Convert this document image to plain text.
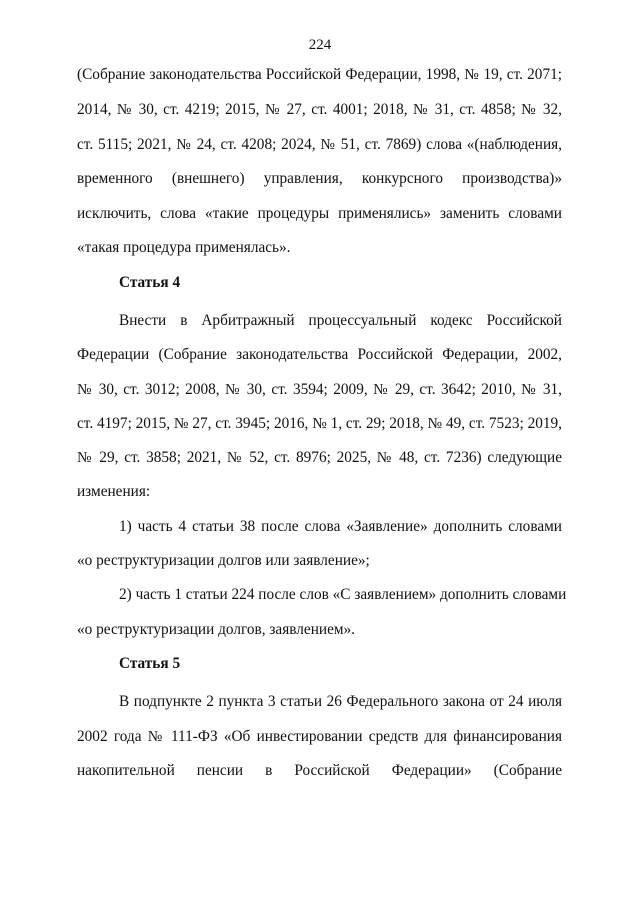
224
(Собрание законодательства Российской Федерации, 1998, № 19, ст. 2071;
2014, № 30, ст. 4219; 2015, № 27, ст. 4001; 2018, № 31, ст. 4858; № 32,
ст. 5115; 2021, № 24, ст. 4208; 2024, № 51, ст. 7869) слова «(наблюдения,
временного (внешнего) управления, конкурсного производства)»
исключить, слова «такие процедуры применялись» заменить словами
«такая процедура применялась».
Статья 4
Внести в Арбитражный процессуальный кодекс Российской
Федерации (Собрание законодательства Российской Федерации, 2002,
№ 30, ст. 3012; 2008, № 30, ст. 3594; 2009, № 29, ст. 3642; 2010, № 31,
ст. 4197; 2015, № 27, ст. 3945; 2016, № 1, ст. 29; 2018, № 49, ст. 7523; 2019,
№ 29, ст. 3858; 2021, № 52, ст. 8976; 2025, № 48, ст. 7236) следующие
изменения:
1) часть 4 статьи 38 после слова «Заявление» дополнить словами
«о реструктуризации долгов или заявление»;
2) часть 1 статьи 224 после слов «С заявлением» дополнить словами
«о реструктуризации долгов, заявлением».
Статья 5
В подпункте 2 пункта 3 статьи 26 Федерального закона от 24 июля
2002 года № 111-ФЗ «Об инвестировании средств для финансирования
накопительной пенсии в Российской Федерации» (Собрание
